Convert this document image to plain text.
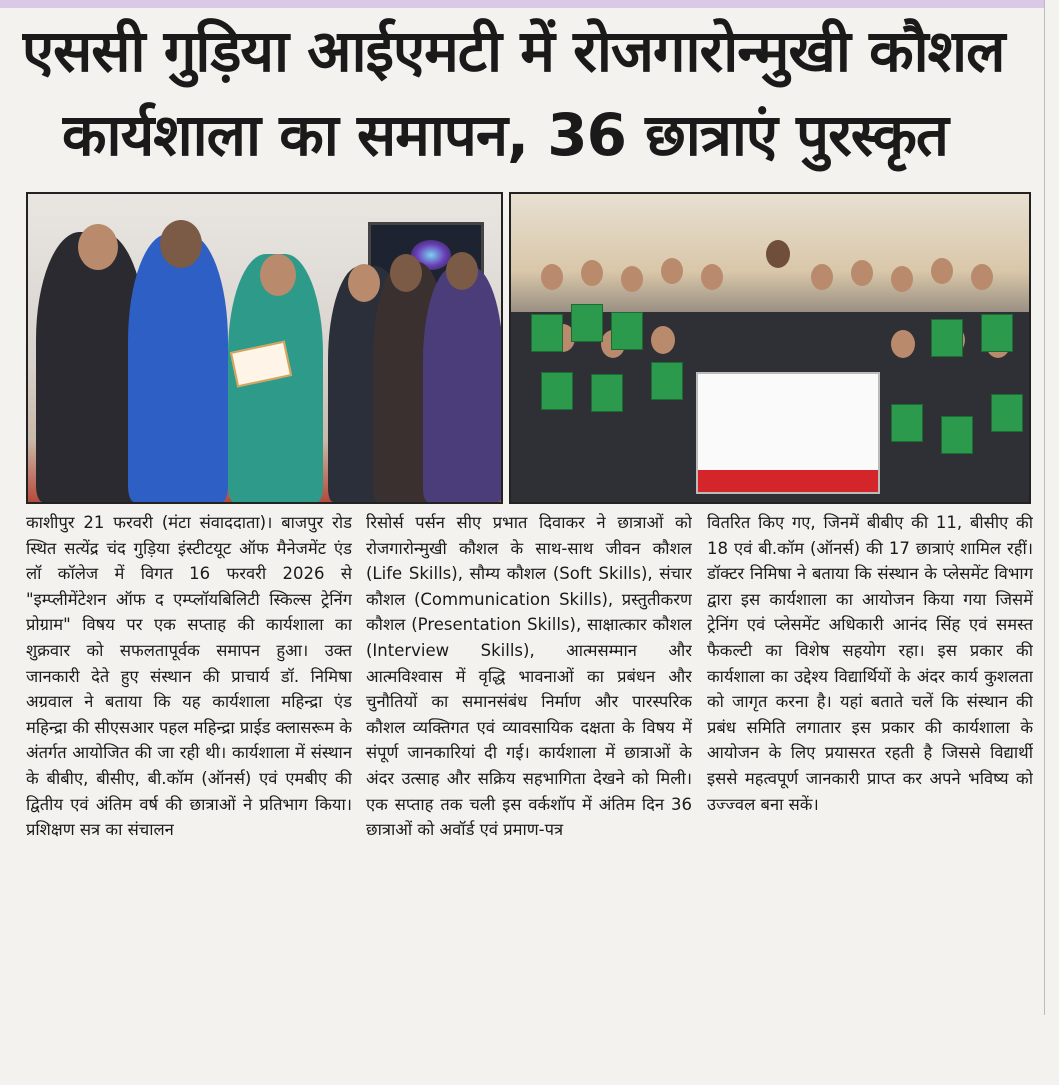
एससी गुड़िया आईएमटी में रोजगारोन्मुखी कौशल
कार्यशाला का समापन, 36 छात्राएं पुरस्कृत
काशीपुर 21 फरवरी (मंटा संवाददाता)। बाजपुर रोड स्थित सत्येंद्र चंद गुड़िया इंस्टीटयूट ऑफ मैनेजमेंट एंड लॉ कॉलेज में विगत 16 फरवरी 2026 से "इम्प्लीमेंटेशन ऑफ द एम्प्लॉयबिलिटी स्किल्स ट्रेनिंग प्रोग्राम" विषय पर एक सप्ताह की कार्यशाला का शुक्रवार को सफलतापूर्वक समापन हुआ। उक्त जानकारी देते हुए संस्थान की प्राचार्य डॉ. निमिषा अग्रवाल ने बताया कि यह कार्यशाला महिन्द्रा एंड महिन्द्रा की सीएसआर पहल महिन्द्रा प्राईड क्लासरूम के अंतर्गत आयोजित की जा रही थी। कार्यशाला में संस्थान के बीबीए, बीसीए, बी.कॉम (ऑनर्स) एवं एमबीए की द्वितीय एवं अंतिम वर्ष की छात्राओं ने प्रतिभाग किया। प्रशिक्षण सत्र का संचालन
रिसोर्स पर्सन सीए प्रभात दिवाकर ने छात्राओं को रोजगारोन्मुखी कौशल के साथ-साथ जीवन कौशल (Life Skills), सौम्य कौशल (Soft Skills), संचार कौशल (Communication Skills), प्रस्तुतीकरण कौशल (Presentation Skills), साक्षात्कार कौशल (Interview Skills), आत्मसम्मान और आत्मविश्वास में वृद्धि भावनाओं का प्रबंधन और चुनौतियों का समानसंबंध निर्माण और पारस्परिक कौशल व्यक्तिगत एवं व्यावसायिक दक्षता के विषय में संपूर्ण जानकारियां दी गई। कार्यशाला में छात्राओं के अंदर उत्साह और सक्रिय सहभागिता देखने को मिली। एक सप्ताह तक चली इस वर्कशॉप में अंतिम दिन 36 छात्राओं को अवॉर्ड एवं प्रमाण-पत्र
वितरित किए गए, जिनमें बीबीए की 11, बीसीए की 18 एवं बी.कॉम (ऑनर्स) की 17 छात्राएं शामिल रहीं। डॉक्टर निमिषा ने बताया कि संस्थान के प्लेसमेंट विभाग द्वारा इस कार्यशाला का आयोजन किया गया जिसमें ट्रेनिंग एवं प्लेसमेंट अधिकारी आनंद सिंह एवं समस्त फैकल्टी का विशेष सहयोग रहा। इस प्रकार की कार्यशाला का उद्देश्य विद्यार्थियों के अंदर कार्य कुशलता को जागृत करना है। यहां बताते चलें कि संस्थान की प्रबंध समिति लगातार इस प्रकार की कार्यशाला के आयोजन के लिए प्रयासरत रहती है जिससे विद्यार्थी इससे महत्वपूर्ण जानकारी प्राप्त कर अपने भविष्य को उज्ज्वल बना सकें।
